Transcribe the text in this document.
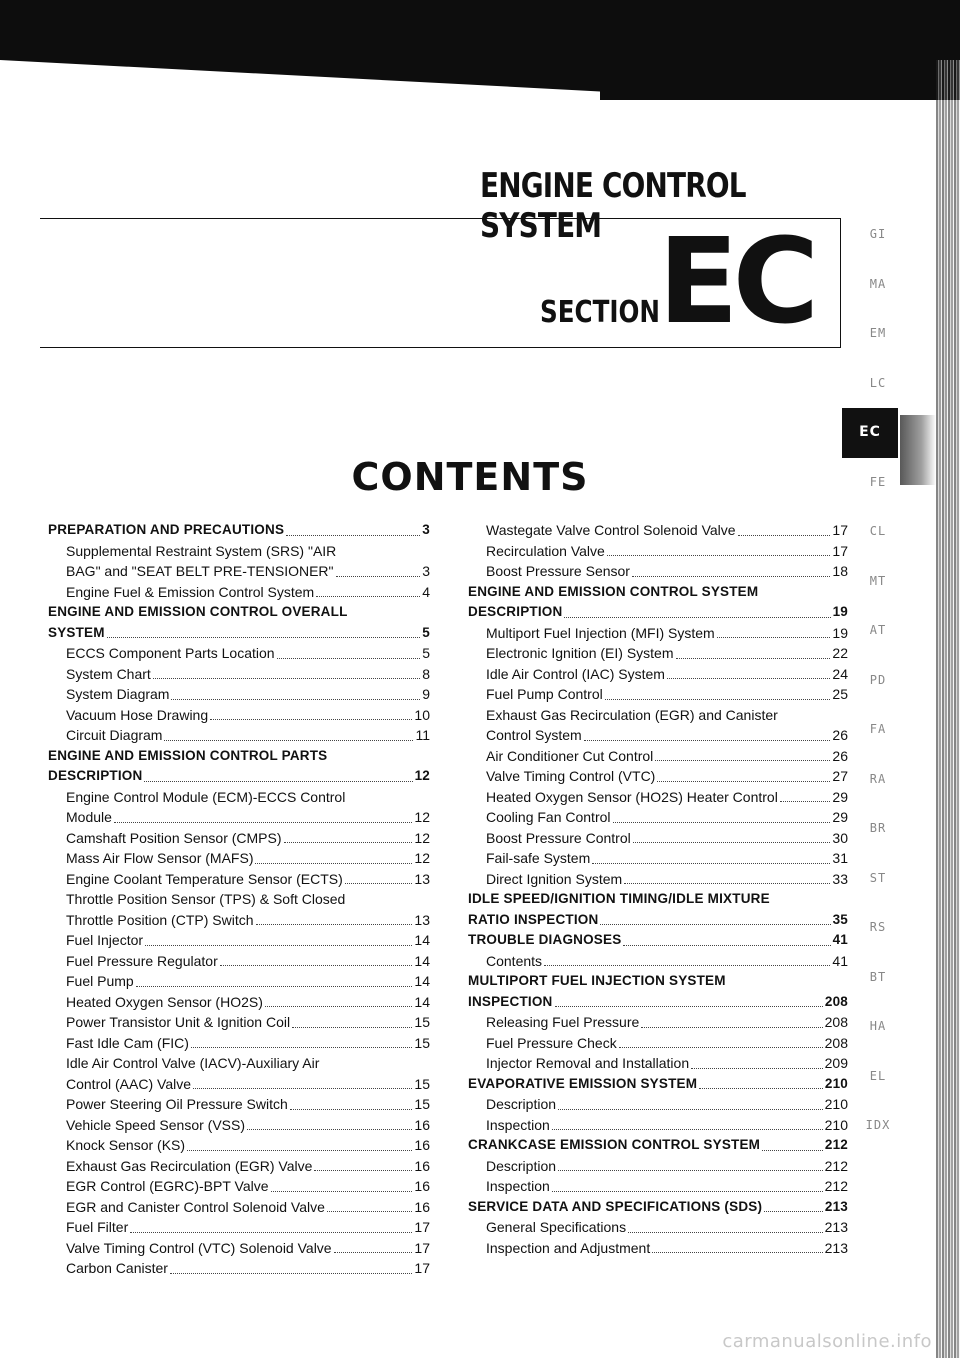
ENGINE CONTROL SYSTEM
SECTION
EC
CONTENTS
PREPARATION AND PRECAUTIONS	3
Supplemental Restraint System (SRS) "AIR
BAG" and "SEAT BELT PRE-TENSIONER"	3
Engine Fuel & Emission Control System	4
ENGINE AND EMISSION CONTROL OVERALL
SYSTEM	5
ECCS Component Parts Location	5
System Chart	8
System Diagram	9
Vacuum Hose Drawing	10
Circuit Diagram	11
ENGINE AND EMISSION CONTROL PARTS
DESCRIPTION	12
Engine Control Module (ECM)-ECCS Control
Module	12
Camshaft Position Sensor (CMPS)	12
Mass Air Flow Sensor (MAFS)	12
Engine Coolant Temperature Sensor (ECTS)	13
Throttle Position Sensor (TPS) & Soft Closed
Throttle Position (CTP) Switch	13
Fuel Injector	14
Fuel Pressure Regulator	14
Fuel Pump	14
Heated Oxygen Sensor (HO2S)	14
Power Transistor Unit & Ignition Coil	15
Fast Idle Cam (FIC)	15
Idle Air Control Valve (IACV)-Auxiliary Air
Control (AAC) Valve	15
Power Steering Oil Pressure Switch	15
Vehicle Speed Sensor (VSS)	16
Knock Sensor (KS)	16
Exhaust Gas Recirculation (EGR) Valve	16
EGR Control (EGRC)-BPT Valve	16
EGR and Canister Control Solenoid Valve	16
Fuel Filter	17
Valve Timing Control (VTC) Solenoid Valve	17
Carbon Canister	17
Wastegate Valve Control Solenoid Valve	17
Recirculation Valve	17
Boost Pressure Sensor	18
ENGINE AND EMISSION CONTROL SYSTEM
DESCRIPTION	19
Multiport Fuel Injection (MFI) System	19
Electronic Ignition (EI) System	22
Idle Air Control (IAC) System	24
Fuel Pump Control	25
Exhaust Gas Recirculation (EGR) and Canister
Control System	26
Air Conditioner Cut Control	26
Valve Timing Control (VTC)	27
Heated Oxygen Sensor (HO2S) Heater Control	29
Cooling Fan Control	29
Boost Pressure Control	30
Fail-safe System	31
Direct Ignition System	33
IDLE SPEED/IGNITION TIMING/IDLE MIXTURE
RATIO INSPECTION	35
TROUBLE DIAGNOSES	41
Contents	41
MULTIPORT FUEL INJECTION SYSTEM
INSPECTION	208
Releasing Fuel Pressure	208
Fuel Pressure Check	208
Injector Removal and Installation	209
EVAPORATIVE EMISSION SYSTEM	210
Description	210
Inspection	210
CRANKCASE EMISSION CONTROL SYSTEM	212
Description	212
Inspection	212
SERVICE DATA AND SPECIFICATIONS (SDS)	213
General Specifications	213
Inspection and Adjustment	213
GI
MA
EM
LC
EC
FE
CL
MT
AT
PD
FA
RA
BR
ST
RS
BT
HA
EL
IDX
carmanualsonline.info
